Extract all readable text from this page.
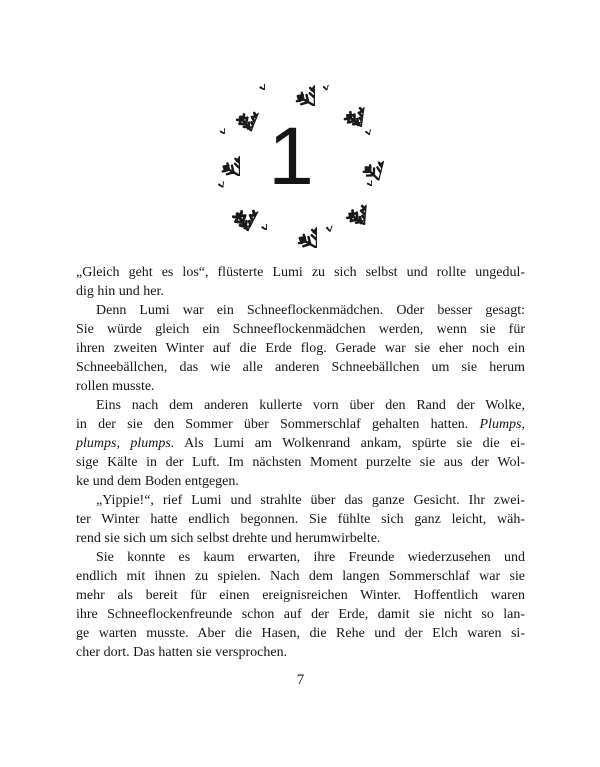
1
„Gleich geht es los“, flüsterte Lumi zu sich selbst und rollte ungedul-
dig hin und her.
Denn Lumi war ein Schneeflockenmädchen. Oder besser gesagt:
Sie würde gleich ein Schneeflockenmädchen werden, wenn sie für
ihren zweiten Winter auf die Erde flog. Gerade war sie eher noch ein
Schneebällchen, das wie alle anderen Schneebällchen um sie herum
rollen musste.
Eins nach dem anderen kullerte vorn über den Rand der Wolke,
in der sie den Sommer über Sommerschlaf gehalten hatten. Plumps,
plumps, plumps. Als Lumi am Wolkenrand ankam, spürte sie die ei-
sige Kälte in der Luft. Im nächsten Moment purzelte sie aus der Wol-
ke und dem Boden entgegen.
„Yippie!“, rief Lumi und strahlte über das ganze Gesicht. Ihr zwei-
ter Winter hatte endlich begonnen. Sie fühlte sich ganz leicht, wäh-
rend sie sich um sich selbst drehte und herumwirbelte.
Sie konnte es kaum erwarten, ihre Freunde wiederzusehen und
endlich mit ihnen zu spielen. Nach dem langen Sommerschlaf war sie
mehr als bereit für einen ereignisreichen Winter. Hoffentlich waren
ihre Schneeflockenfreunde schon auf der Erde, damit sie nicht so lan-
ge warten musste. Aber die Hasen, die Rehe und der Elch waren si-
cher dort. Das hatten sie versprochen.
7
